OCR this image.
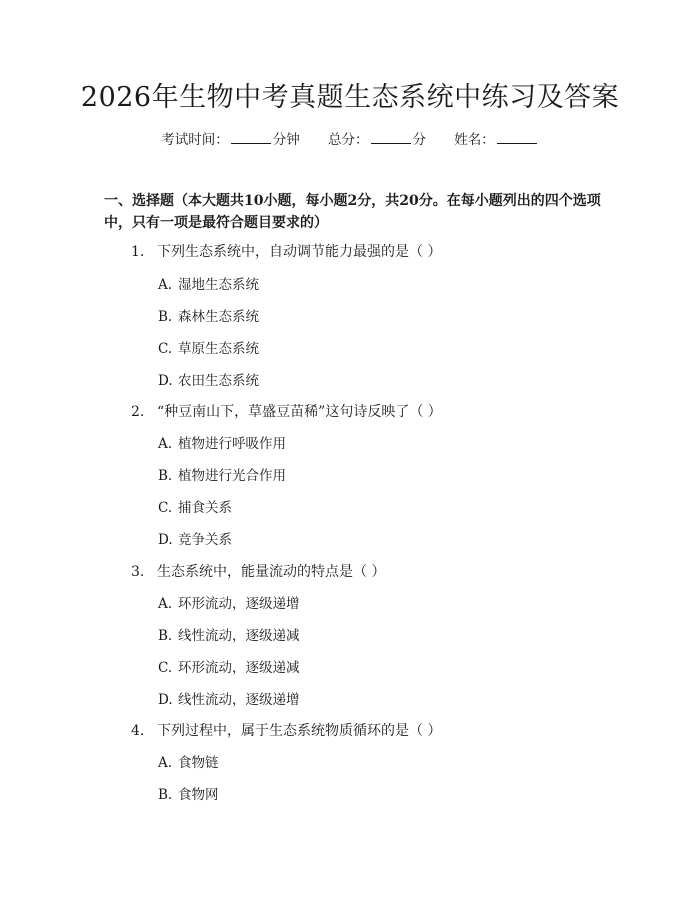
2026年生物中考真题生态系统中练习及答案
考试时间：	分钟 总分：	分 姓名：

一、选择题（本大题共10小题，每小题2分，共20分。在每小题列出的四个选项中，只有一项是最符合题目要求的）

1. 下列生态系统中，自动调节能力最强的是（ ）
A. 湿地生态系统
B. 森林生态系统
C. 草原生态系统
D. 农田生态系统
2. “种豆南山下，草盛豆苗稀”这句诗反映了（ ）
A. 植物进行呼吸作用
B. 植物进行光合作用
C. 捕食关系
D. 竞争关系
3. 生态系统中，能量流动的特点是（ ）
A. 环形流动，逐级递增
B. 线性流动，逐级递减
C. 环形流动，逐级递减
D. 线性流动，逐级递增
4. 下列过程中，属于生态系统物质循环的是（ ）
A. 食物链
B. 食物网
